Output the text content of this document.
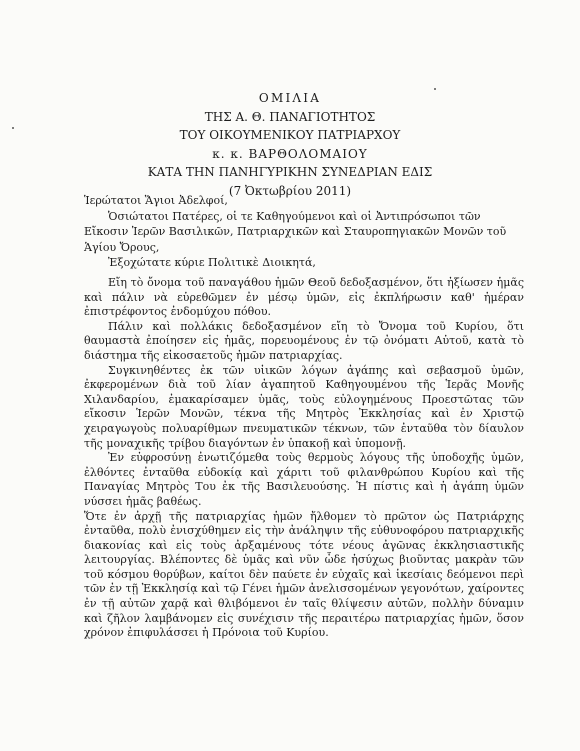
ΟΜΙΛΙΑ
ΤΗΣ Α. Θ. ΠΑΝΑΓΙΟΤΗΤΟΣ
ΤΟΥ ΟΙΚΟΥΜΕΝΙΚΟΥ ΠΑΤΡΙΑΡΧΟΥ
κ. κ. ΒΑΡΘΟΛΟΜΑΙΟΥ
ΚΑΤΑ ΤΗΝ ΠΑΝΗΓΥΡΙΚΗΝ ΣΥΝΕΔΡΙΑΝ ΕΔΙΣ
(7 Ὀκτωβρίου 2011)
Ἱερώτατοι Ἅγιοι Ἀδελφοί,
Ὁσιώτατοι Πατέρες, οἱ τε Καθηγούμενοι καὶ οἱ Ἀντιπρόσωποι τῶν
Εἴκοσιν Ἱερῶν Βασιλικῶν, Πατριαρχικῶν καὶ Σταυροπηγιακῶν Μονῶν τοῦ
Ἁγίου Ὄρους,
Ἐξοχώτατε κύριε Πολιτικὲ Διοικητά,

Εἴη τὸ ὄνομα τοῦ παναγάθου ἡμῶν Θεοῦ δεδοξασμένον, ὅτι ἠξίωσεν ἡμᾶς καὶ πάλιν νὰ εὑρεθῶμεν ἐν μέσῳ ὑμῶν, εἰς ἐκπλήρωσιν καθ' ἡμέραν ἐπιστρέφοντος ἐνδομύχου πόθου.

Πάλιν καὶ πολλάκις δεδοξασμένον εἴη τὸ Ὄνομα τοῦ Κυρίου, ὅτι θαυμαστὰ ἐποίησεν εἰς ἡμᾶς, πορευομένους ἐν τῷ ὀνόματι Αὐτοῦ, κατὰ τὸ διάστημα τῆς εἰκοσαετοῦς ἡμῶν πατριαρχίας.

Συγκινηθέντες ἐκ τῶν υἱικῶν λόγων ἀγάπης καὶ σεβασμοῦ ὑμῶν, ἐκφερομένων διὰ τοῦ λίαν ἀγαπητοῦ Καθηγουμένου τῆς Ἱερᾶς Μονῆς Χιλανδαρίου, ἐμακαρίσαμεν ὑμᾶς, τοὺς εὐλογημένους Προεστῶτας τῶν εἴκοσιν Ἱερῶν Μονῶν, τέκνα τῆς Μητρὸς Ἐκκλησίας καὶ ἐν Χριστῷ χειραγωγοὺς πολυαρίθμων πνευματικῶν τέκνων, τῶν ἐνταῦθα τὸν δίαυλον τῆς μοναχικῆς τρίβου διαγόντων ἐν ὑπακοῇ καὶ ὑπομονῇ.

Ἐν εὐφροσύνῃ ἐνωτιζόμεθα τοὺς θερμοὺς λόγους τῆς ὑποδοχῆς ὑμῶν, ἐλθόντες ἐνταῦθα εὐδοκίᾳ καὶ χάριτι τοῦ φιλανθρώπου Κυρίου καὶ τῆς Παναγίας Μητρὸς Του ἐκ τῆς Βασιλευούσης. Ἡ πίστις καὶ ἡ ἀγάπη ὑμῶν νύσσει ἡμᾶς βαθέως.

Ὅτε ἐν ἀρχῇ τῆς πατριαρχίας ἡμῶν ἤλθομεν τὸ πρῶτον ὡς Πατριάρχης ἐνταῦθα, πολὺ ἐνισχύθημεν εἰς τὴν ἀνάληψιν τῆς εὐθυνοφόρου πατριαρχικῆς διακονίας καὶ εἰς τοὺς ἀρξαμένους τότε νέους ἀγῶνας ἐκκλησιαστικῆς λειτουργίας. Βλέποντες δὲ ὑμᾶς καὶ νῦν ὧδε ἡσύχως βιοῦντας μακρὰν τῶν τοῦ κόσμου θορύβων, καίτοι δὲν παύετε ἐν εὐχαῖς καὶ ἱκεσίαις δεόμενοι περὶ τῶν ἐν τῇ Ἐκκλησίᾳ καὶ τῷ Γένει ἡμῶν ἀνελισσομένων γεγονότων, χαίροντες ἐν τῇ αὐτῶν χαρᾷ καὶ θλιβόμενοι ἐν ταῖς θλίψεσιν αὐτῶν, πολλὴν δύναμιν καὶ ζῆλον λαμβάνομεν εἰς συνέχισιν τῆς περαιτέρω πατριαρχίας ἡμῶν, ὅσον χρόνον ἐπιφυλάσσει ἡ Πρόνοια τοῦ Κυρίου.
